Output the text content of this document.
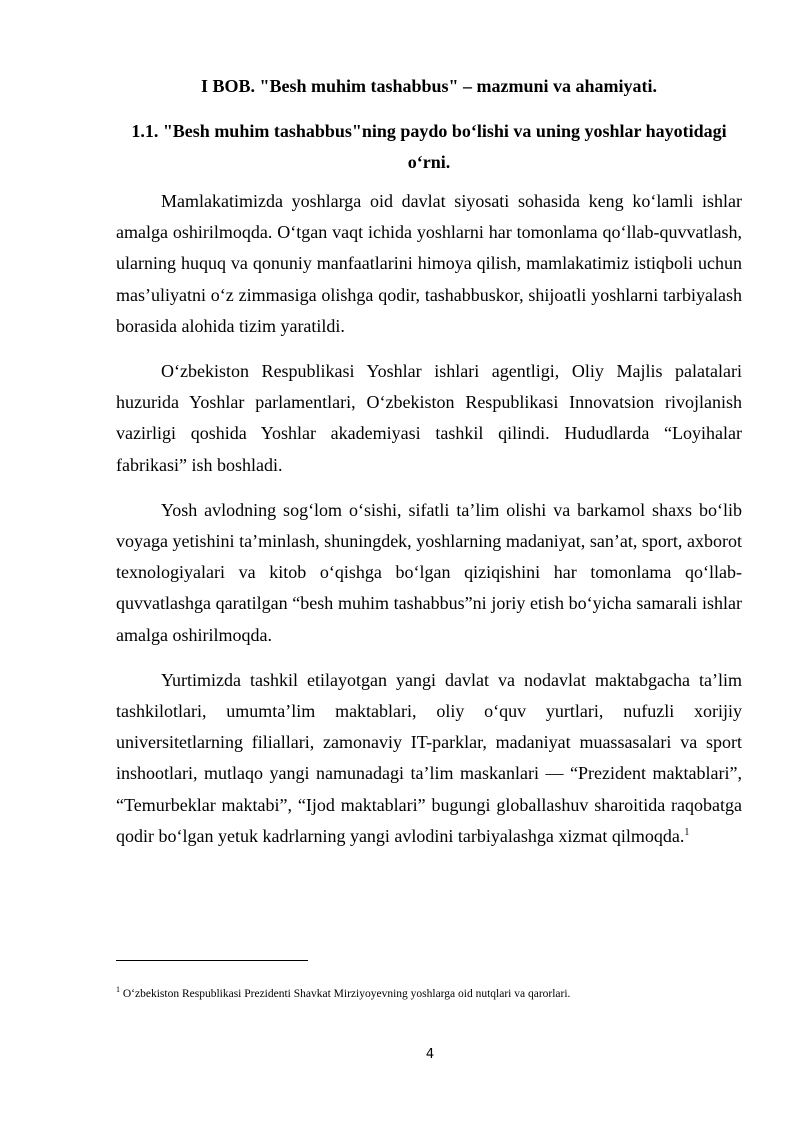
I BOB. "Besh muhim tashabbus" – mazmuni va ahamiyati.
1.1. "Besh muhim tashabbus"ning paydo bo‘lishi va uning yoshlar hayotidagi o‘rni.

Mamlakatimizda yoshlarga oid davlat siyosati sohasida keng ko‘lamli ishlar amalga oshirilmoqda. O‘tgan vaqt ichida yoshlarni har tomonlama qo‘llab-quvvatlash, ularning huquq va qonuniy manfaatlarini himoya qilish, mamlakatimiz istiqboli uchun mas’uliyatni o‘z zimmasiga olishga qodir, tashabbuskor, shijoatli yoshlarni tarbiyalash borasida alohida tizim yaratildi.

O‘zbekiston Respublikasi Yoshlar ishlari agentligi, Oliy Majlis palatalari huzurida Yoshlar parlamentlari, O‘zbekiston Respublikasi Innovatsion rivojlanish vazirligi qoshida Yoshlar akademiyasi tashkil qilindi. Hududlarda “Loyihalar fabrikasi” ish boshladi.

Yosh avlodning sog‘lom o‘sishi, sifatli ta’lim olishi va barkamol shaxs bo‘lib voyaga yetishini ta’minlash, shuningdek, yoshlarning madaniyat, san’at, sport, axborot texnologiyalari va kitob o‘qishga bo‘lgan qiziqishini har tomonlama qo‘llab-quvvatlashga qaratilgan “besh muhim tashabbus”ni joriy etish bo‘yicha samarali ishlar amalga oshirilmoqda.

Yurtimizda tashkil etilayotgan yangi davlat va nodavlat maktabgacha ta’lim tashkilotlari, umumta’lim maktablari, oliy o‘quv yurtlari, nufuzli xorijiy universitetlarning filiallari, zamonaviy IT-parklar, madaniyat muassasalari va sport inshootlari, mutlaqo yangi namunadagi ta’lim maskanlari — “Prezident maktablari”, “Temurbeklar maktabi”, “Ijod maktablari” bugungi globallashuv sharoitida raqobatga qodir bo‘lgan yetuk kadrlarning yangi avlodini tarbiyalashga xizmat qilmoqda.$^1$

$^1$ O‘zbekiston Respublikasi Prezidenti Shavkat Mirziyoyevning yoshlarga oid nutqlari va qarorlari.
4
